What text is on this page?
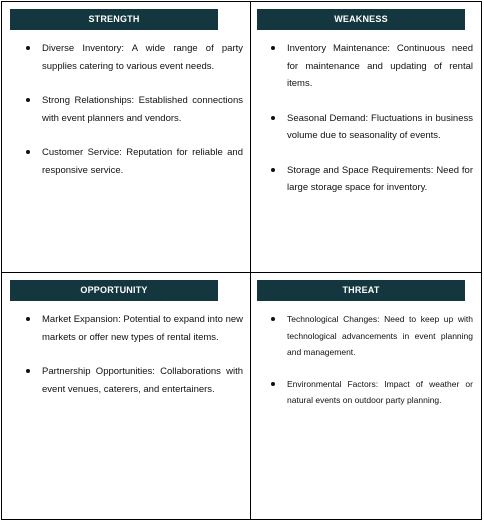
STRENGTH
Diverse Inventory: A wide range of party supplies catering to various event needs.
Strong Relationships: Established connections with event planners and vendors.
Customer Service: Reputation for reliable and responsive service.
WEAKNESS
Inventory Maintenance: Continuous need for maintenance and updating of rental items.
Seasonal Demand: Fluctuations in business volume due to seasonality of events.
Storage and Space Requirements: Need for large storage space for inventory.
OPPORTUNITY
Market Expansion: Potential to expand into new markets or offer new types of rental items.
Partnership Opportunities: Collaborations with event venues, caterers, and entertainers.
THREAT
Technological Changes: Need to keep up with technological advancements in event planning and management.
Environmental Factors: Impact of weather or natural events on outdoor party planning.
